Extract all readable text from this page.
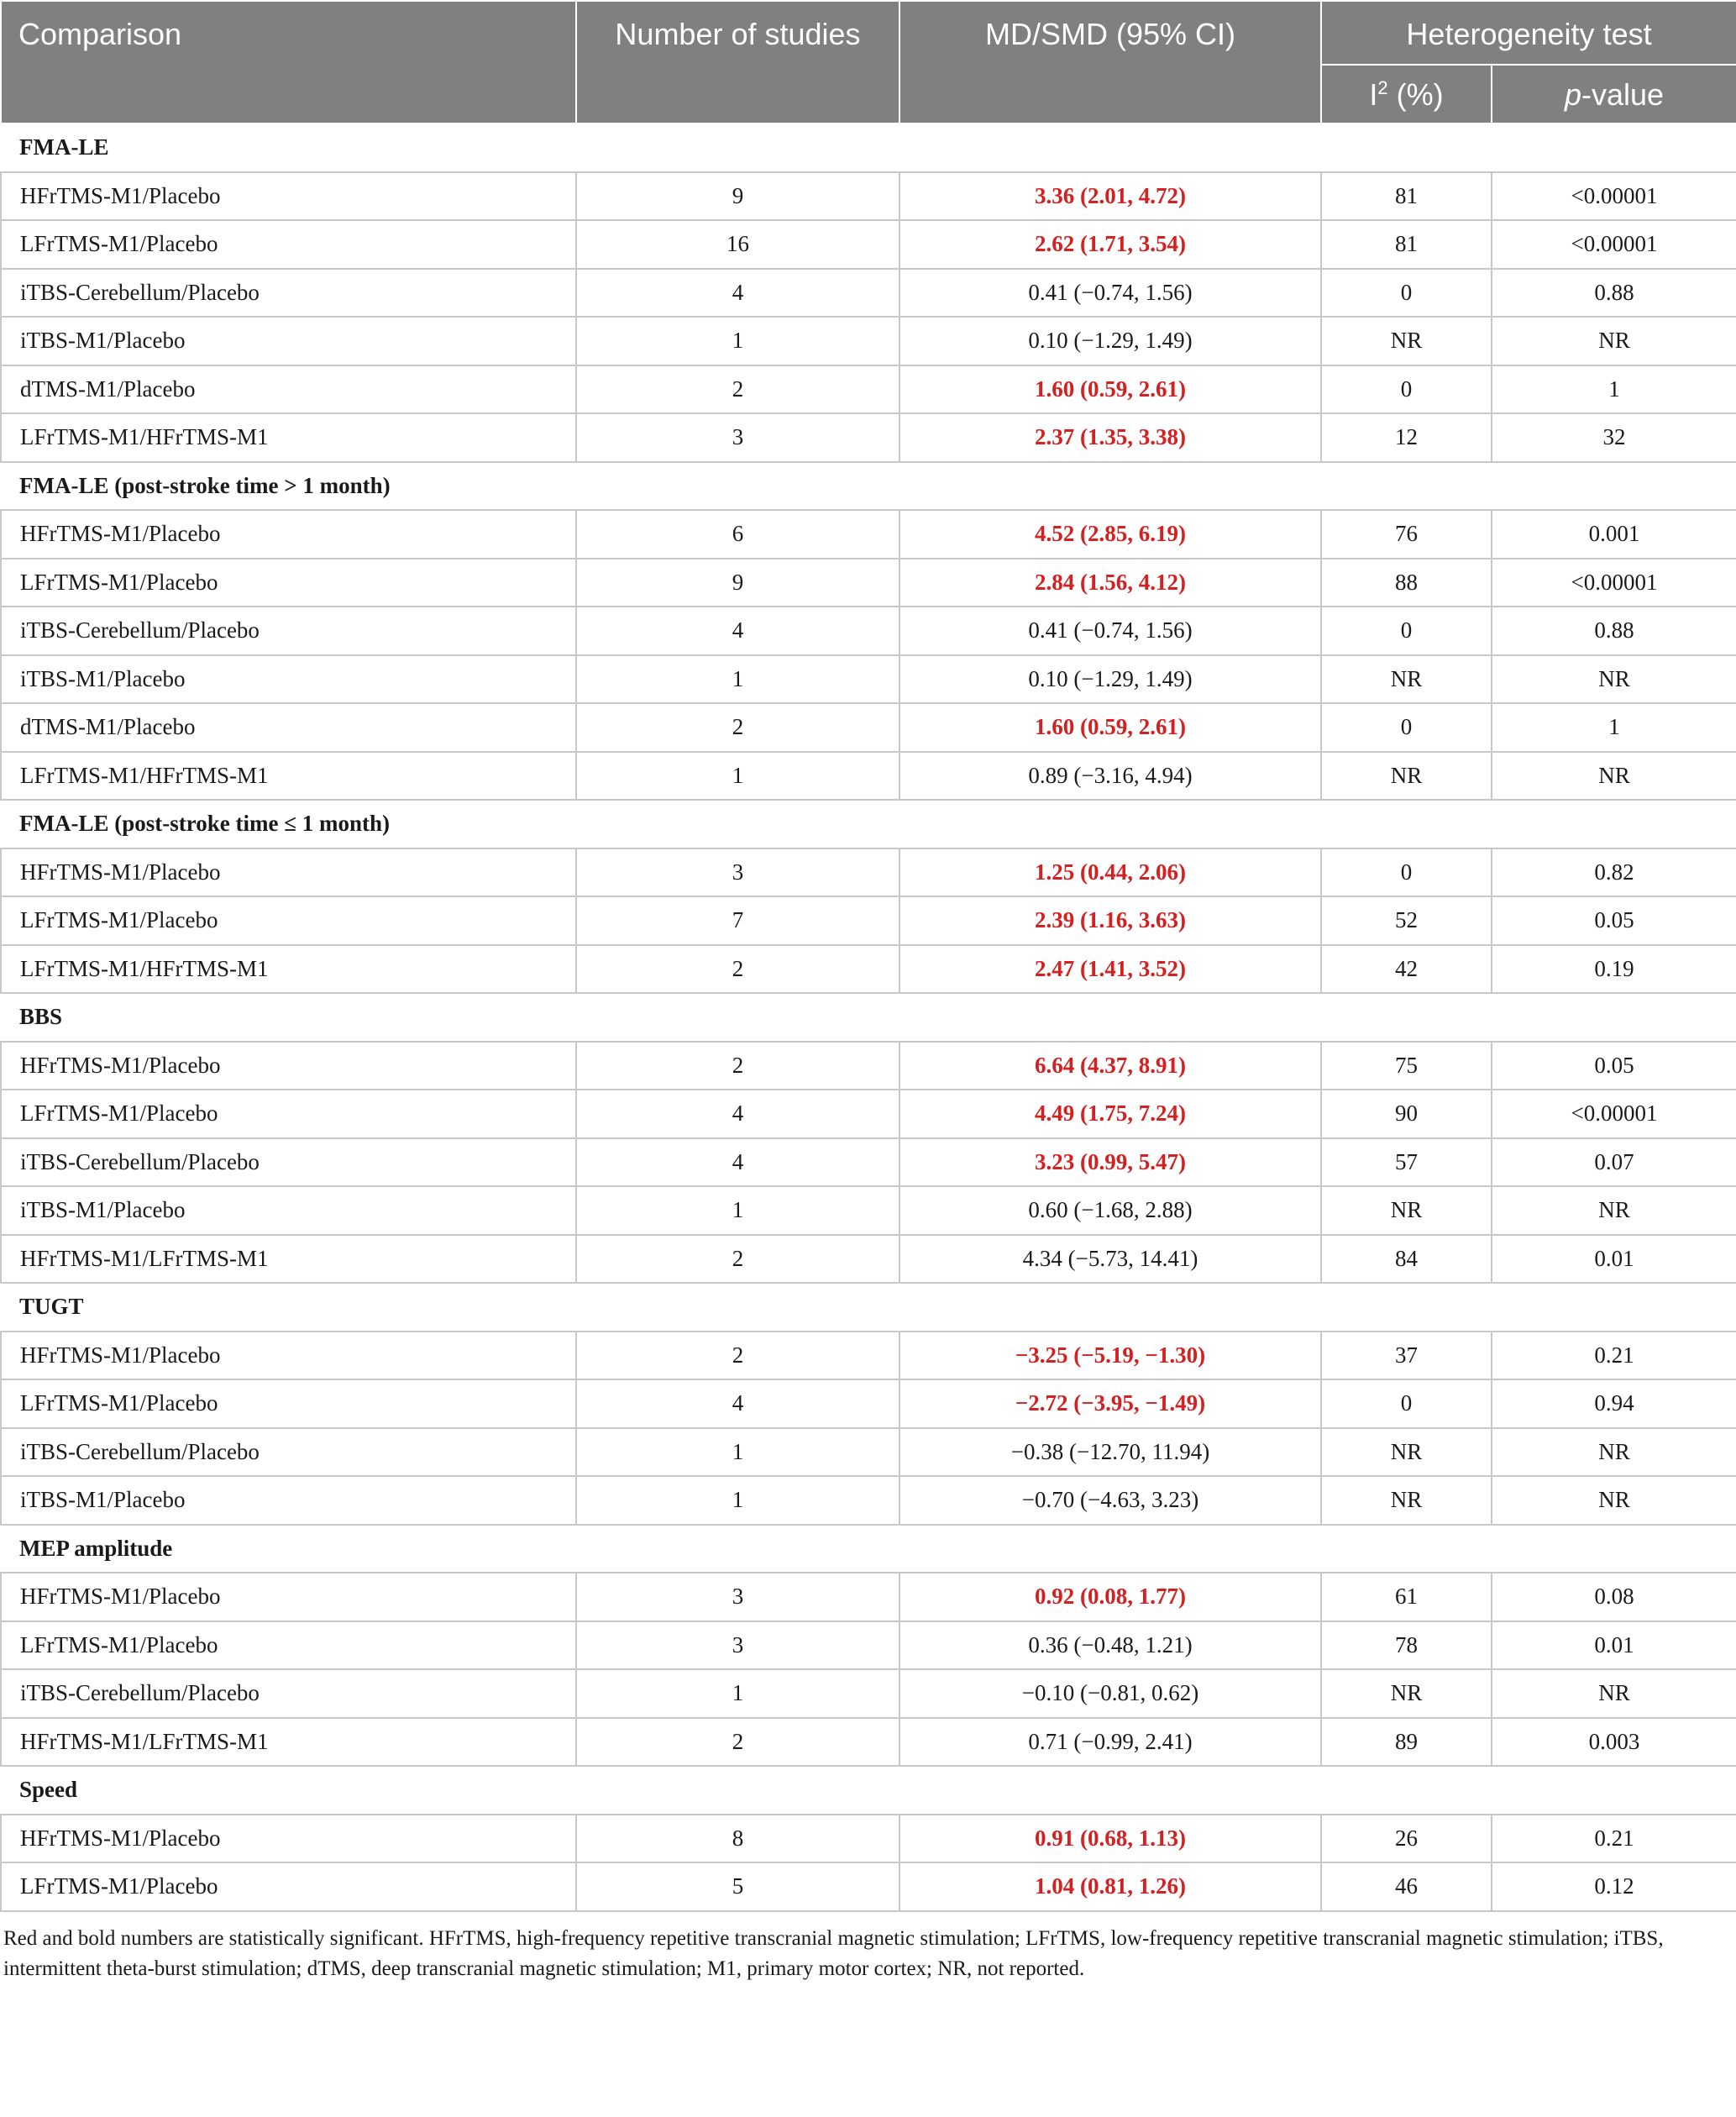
Comparison	Number of studies	MD/SMD (95% CI)	Heterogeneity test	
			$I^2$ (%)	p-value
FMA-LE				
HFrTMS-M1/Placebo	9	3.36 (2.01, 4.72)	81	<0.00001
LFrTMS-M1/Placebo	16	2.62 (1.71, 3.54)	81	<0.00001
iTBS-Cerebellum/Placebo	4	0.41 (−0.74, 1.56)	0	0.88
iTBS-M1/Placebo	1	0.10 (−1.29, 1.49)	NR	NR
dTMS-M1/Placebo	2	1.60 (0.59, 2.61)	0	1
LFrTMS-M1/HFrTMS-M1	3	2.37 (1.35, 3.38)	12	32
FMA-LE (post-stroke time > 1 month)				
HFrTMS-M1/Placebo	6	4.52 (2.85, 6.19)	76	0.001
LFrTMS-M1/Placebo	9	2.84 (1.56, 4.12)	88	<0.00001
iTBS-Cerebellum/Placebo	4	0.41 (−0.74, 1.56)	0	0.88
iTBS-M1/Placebo	1	0.10 (−1.29, 1.49)	NR	NR
dTMS-M1/Placebo	2	1.60 (0.59, 2.61)	0	1
LFrTMS-M1/HFrTMS-M1	1	0.89 (−3.16, 4.94)	NR	NR
FMA-LE (post-stroke time ≤ 1 month)				
HFrTMS-M1/Placebo	3	1.25 (0.44, 2.06)	0	0.82
LFrTMS-M1/Placebo	7	2.39 (1.16, 3.63)	52	0.05
LFrTMS-M1/HFrTMS-M1	2	2.47 (1.41, 3.52)	42	0.19
BBS				
HFrTMS-M1/Placebo	2	6.64 (4.37, 8.91)	75	0.05
LFrTMS-M1/Placebo	4	4.49 (1.75, 7.24)	90	<0.00001
iTBS-Cerebellum/Placebo	4	3.23 (0.99, 5.47)	57	0.07
iTBS-M1/Placebo	1	0.60 (−1.68, 2.88)	NR	NR
HFrTMS-M1/LFrTMS-M1	2	4.34 (−5.73, 14.41)	84	0.01
TUGT				
HFrTMS-M1/Placebo	2	−3.25 (−5.19, −1.30)	37	0.21
LFrTMS-M1/Placebo	4	−2.72 (−3.95, −1.49)	0	0.94
iTBS-Cerebellum/Placebo	1	−0.38 (−12.70, 11.94)	NR	NR
iTBS-M1/Placebo	1	−0.70 (−4.63, 3.23)	NR	NR
MEP amplitude				
HFrTMS-M1/Placebo	3	0.92 (0.08, 1.77)	61	0.08
LFrTMS-M1/Placebo	3	0.36 (−0.48, 1.21)	78	0.01
iTBS-Cerebellum/Placebo	1	−0.10 (−0.81, 0.62)	NR	NR
HFrTMS-M1/LFrTMS-M1	2	0.71 (−0.99, 2.41)	89	0.003
Speed				
HFrTMS-M1/Placebo	8	0.91 (0.68, 1.13)	26	0.21
LFrTMS-M1/Placebo	5	1.04 (0.81, 1.26)	46	0.12
Red and bold numbers are statistically significant. HFrTMS, high-frequency repetitive transcranial magnetic stimulation; LFrTMS, low-frequency repetitive transcranial magnetic stimulation; iTBS, intermittent theta-burst stimulation; dTMS, deep transcranial magnetic stimulation; M1, primary motor cortex; NR, not reported.
